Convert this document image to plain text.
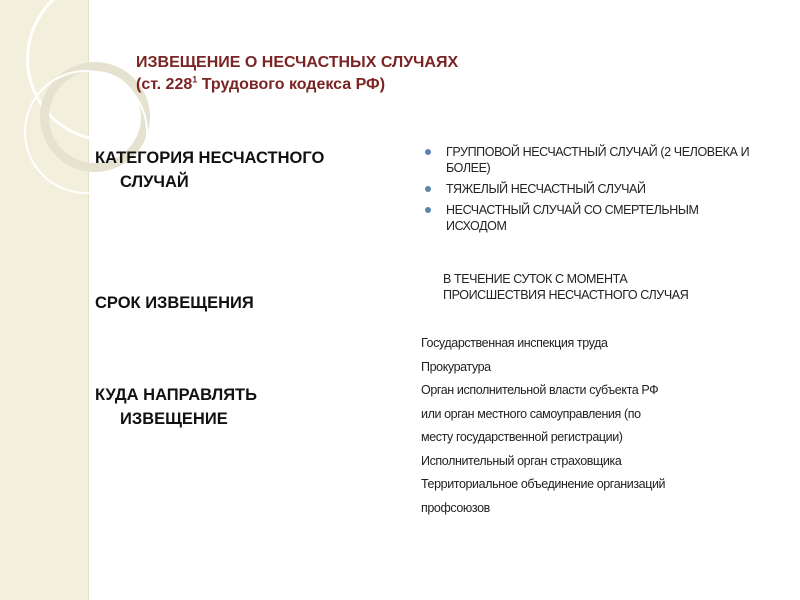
ИЗВЕЩЕНИЕ О НЕСЧАСТНЫХ СЛУЧАЯХ
(ст. $228^1$ Трудового кодекса РФ)
КАТЕГОРИЯ НЕСЧАСТНОГО
СЛУЧАЙ
СРОК ИЗВЕЩЕНИЯ
КУДА НАПРАВЛЯТЬ
ИЗВЕЩЕНИЕ
ГРУППОВОЙ НЕСЧАСТНЫЙ СЛУЧАЙ (2 ЧЕЛОВЕКА И БОЛЕЕ)
ТЯЖЕЛЫЙ НЕСЧАСТНЫЙ СЛУЧАЙ
НЕСЧАСТНЫЙ СЛУЧАЙ СО СМЕРТЕЛЬНЫМ ИСХОДОМ
В ТЕЧЕНИЕ СУТОК С МОМЕНТА
ПРОИСШЕСТВИЯ НЕСЧАСТНОГО СЛУЧАЯ
Государственная инспекция труда
Прокуратура
Орган исполнительной власти субъекта РФ
или орган местного самоуправления (по
месту государственной регистрации)
Исполнительный орган страховщика
Территориальное объединение организаций
профсоюзов
